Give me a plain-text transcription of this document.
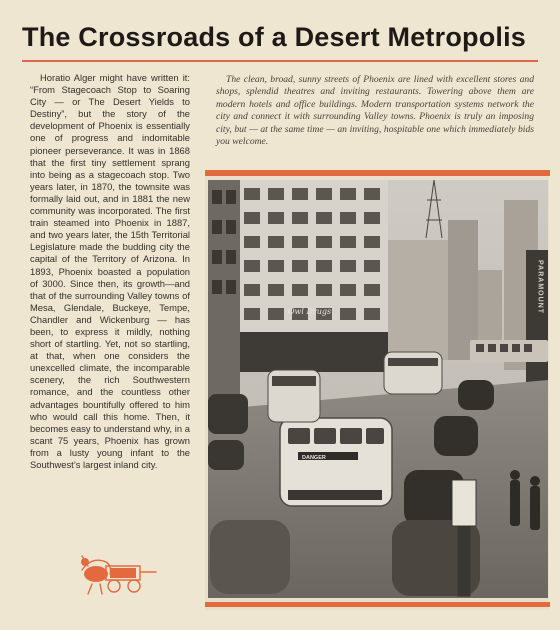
The Crossroads of a Desert Metropolis
Horatio Alger might have written it: “From Stagecoach Stop to Soaring City — or The Desert Yields to Destiny”, but the story of the development of Phoenix is essentially one of progress and indomitable pioneer perseverance. It was in 1868 that the first tiny settlement sprang into being as a stagecoach stop. Two years later, in 1870, the townsite was formally laid out, and in 1881 the new community was incorporated. The first train steamed into Phoenix in 1887, and two years later, the 15th Territorial Legislature made the budding city the capital of the Territory of Arizona. In 1893, Phoenix boasted a population of 3000. Since then, its growth—and that of the surrounding Valley towns of Mesa, Glendale, Buckeye, Tempe, Chandler and Wickenburg — has been, to express it mildly, nothing short of startling. Yet, not so startling, at that, when one considers the unexcelled climate, the incomparable scenery, the rich Southwestern romance, and the countless other advantages bountifully offered to him who would call this home. Then, it becomes easy to understand why, in a scant 75 years, Phoenix has grown from a lusty young infant to the Southwest’s largest inland city.
The clean, broad, sunny streets of Phoenix are lined with excellent stores and shops, splendid theatres and inviting restaurants. Towering above them are modern hotels and office buildings. Modern transportation systems network the city and connect it with surrounding Valley towns. Phoenix is truly an imposing city, but — at the same time — an inviting, hospitable one which immediately bids you welcome.
Owl Drugs	PARAMOUNT
DANGER
